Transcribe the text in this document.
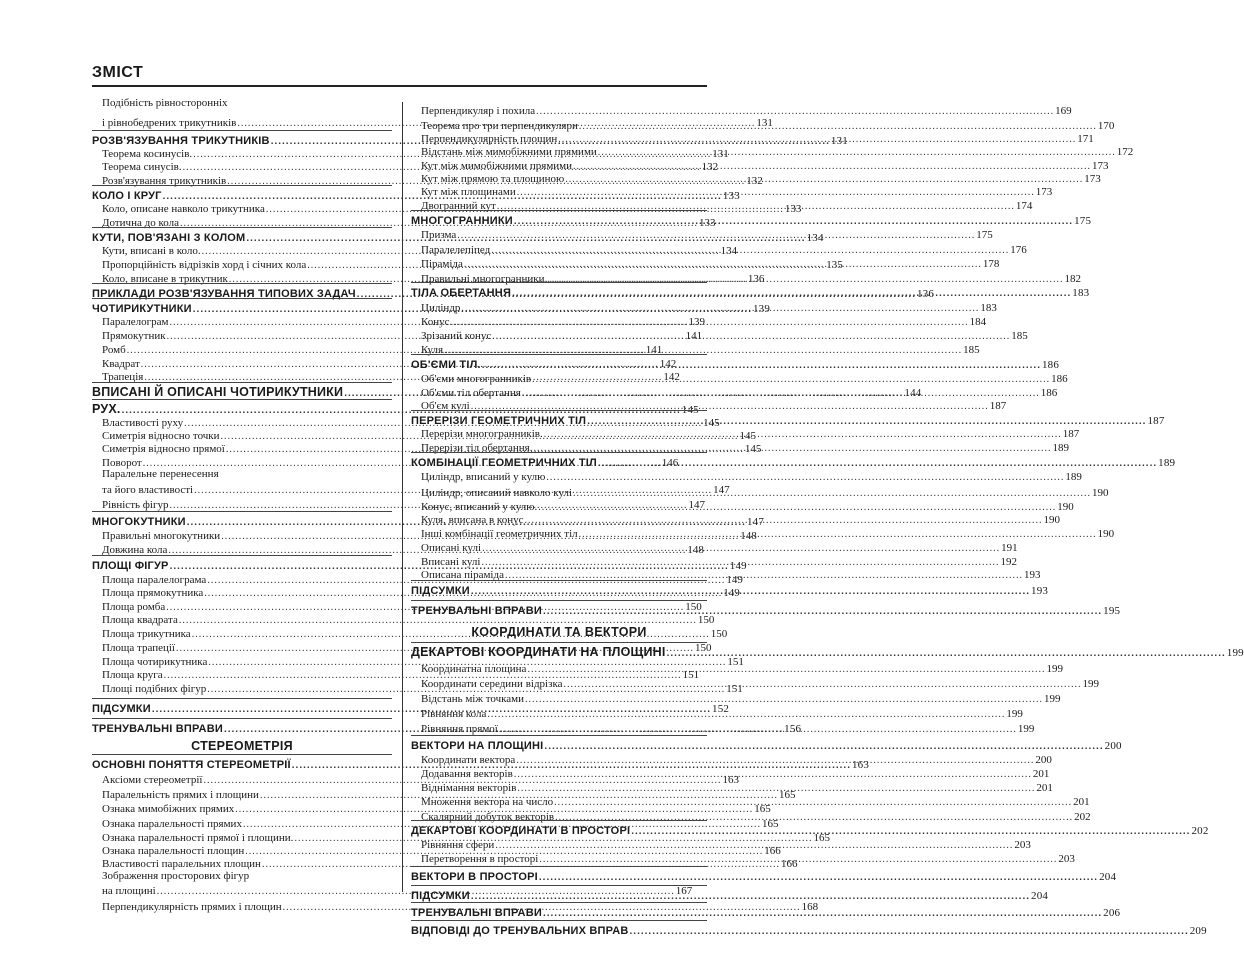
ЗМІСТ
Подібність рівносторонніх
і рівнобедрених трикутників .....	131
РОЗВ'ЯЗУВАННЯ ТРИКУТНИКІВ .....	131
Теорема косинусів. .....	131
Теорема синусів. .....	132
Розв'язування трикутників .....	132
КОЛО І КРУГ .....	133
Коло, описане навколо трикутника .....	133
Дотична до кола .....	133
КУТИ, ПОВ'ЯЗАНІ З КОЛОМ .....	134
Кути, вписані в коло. .....	134
Пропорційність відрізків хорд і січних кола .....	135
Коло, вписане в трикутник .....	136
ПРИКЛАДИ РОЗВ'ЯЗУВАННЯ ТИПОВИХ ЗАДАЧ .....	136
ЧОТИРИКУТНИКИ .....	139
Паралелограм .....	139
Прямокутник .....	141
Ромб .....	141
Квадрат .....	142
Трапеція .....	142
ВПИСАНІ Й ОПИСАНІ ЧОТИРИКУТНИКИ .....	144
РУХ. .....	145
Властивості руху .....	145
Симетрія відносно точки .....	145
Симетрія відносно прямої .....	145
Поворот .....	146
Паралельне перенесення
та його властивості .....	147
Рівність фігур .....	147
МНОГОКУТНИКИ .....	147
Правильні многокутники .....	148
Довжина кола .....	148
ПЛОЩІ ФІГУР .....	149
Площа паралелограма .....	149
Площа прямокутника .....	149
Площа ромба .....	150
Площа квадрата .....	150
Площа трикутника .....	150
Площа трапеції .....	150
Площа чотирикутника .....	151
Площа круга .....	151
Площі подібних фігур .....	151
ПІДСУМКИ .....	152
ТРЕНУВАЛЬНІ ВПРАВИ .....	156
СТЕРЕОМЕТРІЯ
ОСНОВНІ ПОНЯТТЯ СТЕРЕОМЕТРІЇ .....	163
Аксіоми стереометрії .....	163
Паралельність прямих і площини .....	165
Ознака мимобіжних прямих .....	165
Ознака паралельності прямих .....	165
Ознака паралельності прямої і площини. .....	165
Ознака паралельності площин .....	166
Властивості паралельних площин .....	166
Зображення просторових фігур
на площині .....	167
Перпендикулярність прямих і площин .....	168
Перпендикуляр і похила .....	169
Теорема про три перпендикуляри .....	170
Перпендикулярність площин .....	171
Відстань між мимобіжними прямими .....	172
Кут між мимобіжними прямими .....	173
Кут між прямою та площиною .....	173
Кут між площинами .....	173
Двогранний кут .....	174
МНОГОГРАННИКИ .....	175
Призма .....	175
Паралелепіпед .....	176
Піраміда .....	178
Правильні многогранники .....	182
ТІЛА ОБЕРТАННЯ .....	183
Циліндр .....	183
Конус .....	184
Зрізаний конус .....	185
Куля .....	185
ОБ'ЄМИ ТІЛ. .....	186
Об'єми многогранників .....	186
Об'єми тіл обертання .....	186
Об'єм кулі .....	187
ПЕРЕРІЗИ ГЕОМЕТРИЧНИХ ТІЛ .....	187
Перерізи многогранників. .....	187
Перерізи тіл обертання. .....	189
КОМБІНАЦІЇ ГЕОМЕТРИЧНИХ ТІЛ .....	189
Циліндр, вписаний у кулю .....	189
Циліндр, описаний навколо кулі .....	190
Конус, вписаний у кулю. .....	190
Куля, вписана в конус .....	190
Інші комбінації геометричних тіл .....	190
Описані кулі .....	191
Вписані кулі .....	192
Описана піраміда .....	193
ПІДСУМКИ .....	193
ТРЕНУВАЛЬНІ ВПРАВИ .....	195
КООРДИНАТИ ТА ВЕКТОРИ
ДЕКАРТОВІ КООРДИНАТИ НА ПЛОЩИНІ .....	199
Координатна площина .....	199
Координати середини відрізка .....	199
Відстань між точками .....	199
Рівняння кола .....	199
Рівняння прямої .....	199
ВЕКТОРИ НА ПЛОЩИНІ .....	200
Координати вектора .....	200
Додавання векторів .....	201
Віднімання векторів .....	201
Множення вектора на число .....	201
Скалярний добуток векторів .....	202
ДЕКАРТОВІ КООРДИНАТИ В ПРОСТОРІ .....	202
Рівняння сфери .....	203
Перетворення в просторі .....	203
ВЕКТОРИ В ПРОСТОРІ .....	204
ПІДСУМКИ .....	204
ТРЕНУВАЛЬНІ ВПРАВИ .....	206
ВІДПОВІДІ ДО ТРЕНУВАЛЬНИХ ВПРАВ .....	209
